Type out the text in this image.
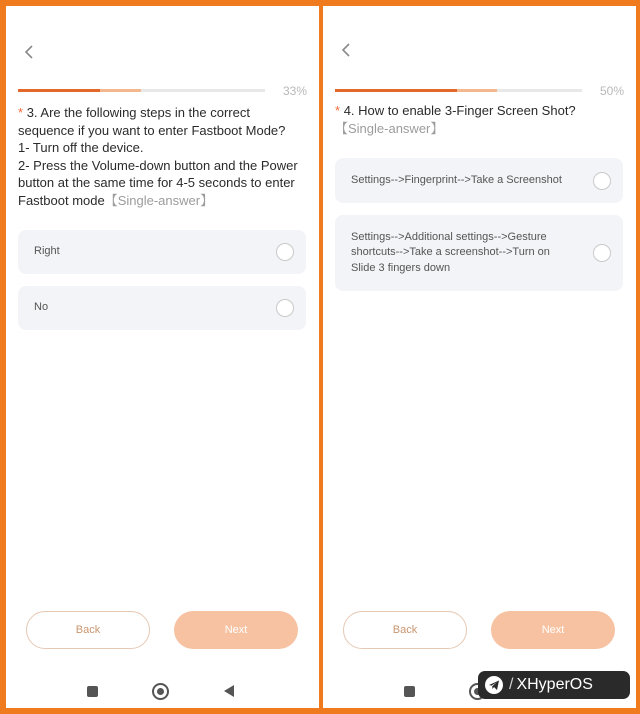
33%
* 3. Are the following steps in the correct sequence if you want to enter Fastboot Mode?
1- Turn off the device.
2- Press the Volume-down button and the Power button at the same time for 4-5 seconds to enter Fastboot mode【Single-answer】
Right
No
Back	Next
50%
* 4. How to enable 3-Finger Screen Shot?【Single-answer】
Settings-->Fingerprint-->Take a Screenshot
Settings-->Additional settings-->Gesture shortcuts-->Take a screenshot-->Turn on Slide 3 fingers down
Back	Next
/ XHyperOS
